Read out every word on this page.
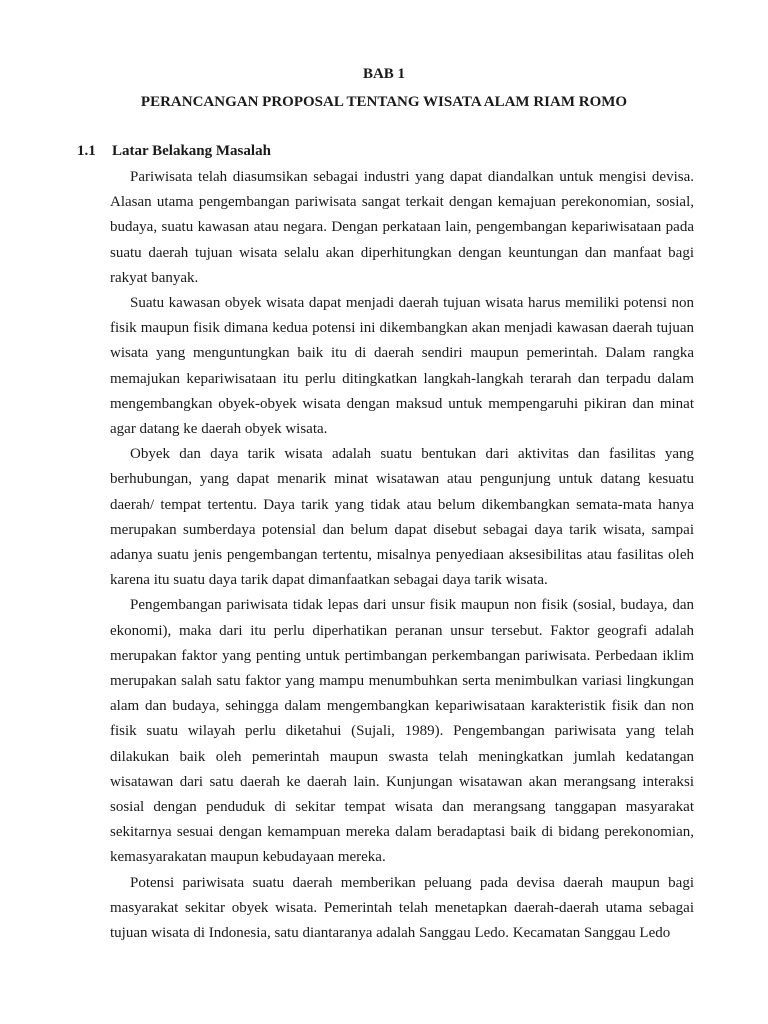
BAB 1
PERANCANGAN PROPOSAL TENTANG WISATA ALAM RIAM ROMO
1.1 Latar Belakang Masalah

Pariwisata telah diasumsikan sebagai industri yang dapat diandalkan untuk mengisi devisa. Alasan utama pengembangan pariwisata sangat terkait dengan kemajuan perekonomian, sosial, budaya, suatu kawasan atau negara. Dengan perkataan lain, pengembangan kepariwisataan pada suatu daerah tujuan wisata selalu akan diperhitungkan dengan keuntungan dan manfaat bagi rakyat banyak.

Suatu kawasan obyek wisata dapat menjadi daerah tujuan wisata harus memiliki potensi non fisik maupun fisik dimana kedua potensi ini dikembangkan akan menjadi kawasan daerah tujuan wisata yang menguntungkan baik itu di daerah sendiri maupun pemerintah. Dalam rangka memajukan kepariwisataan itu perlu ditingkatkan langkah-langkah terarah dan terpadu dalam mengembangkan obyek-obyek wisata dengan maksud untuk mempengaruhi pikiran dan minat agar datang ke daerah obyek wisata.

Obyek dan daya tarik wisata adalah suatu bentukan dari aktivitas dan fasilitas yang berhubungan, yang dapat menarik minat wisatawan atau pengunjung untuk datang kesuatu daerah/ tempat tertentu. Daya tarik yang tidak atau belum dikembangkan semata-mata hanya merupakan sumberdaya potensial dan belum dapat disebut sebagai daya tarik wisata, sampai adanya suatu jenis pengembangan tertentu, misalnya penyediaan aksesibilitas atau fasilitas oleh karena itu suatu daya tarik dapat dimanfaatkan sebagai daya tarik wisata.

Pengembangan pariwisata tidak lepas dari unsur fisik maupun non fisik (sosial, budaya, dan ekonomi), maka dari itu perlu diperhatikan peranan unsur tersebut. Faktor geografi adalah merupakan faktor yang penting untuk pertimbangan perkembangan pariwisata. Perbedaan iklim merupakan salah satu faktor yang mampu menumbuhkan serta menimbulkan variasi lingkungan alam dan budaya, sehingga dalam mengembangkan kepariwisataan karakteristik fisik dan non fisik suatu wilayah perlu diketahui (Sujali, 1989). Pengembangan pariwisata yang telah dilakukan baik oleh pemerintah maupun swasta telah meningkatkan jumlah kedatangan wisatawan dari satu daerah ke daerah lain. Kunjungan wisatawan akan merangsang interaksi sosial dengan penduduk di sekitar tempat wisata dan merangsang tanggapan masyarakat sekitarnya sesuai dengan kemampuan mereka dalam beradaptasi baik di bidang perekonomian, kemasyarakatan maupun kebudayaan mereka.

Potensi pariwisata suatu daerah memberikan peluang pada devisa daerah maupun bagi masyarakat sekitar obyek wisata. Pemerintah telah menetapkan daerah-daerah utama sebagai tujuan wisata di Indonesia, satu diantaranya adalah Sanggau Ledo. Kecamatan Sanggau Ledo
